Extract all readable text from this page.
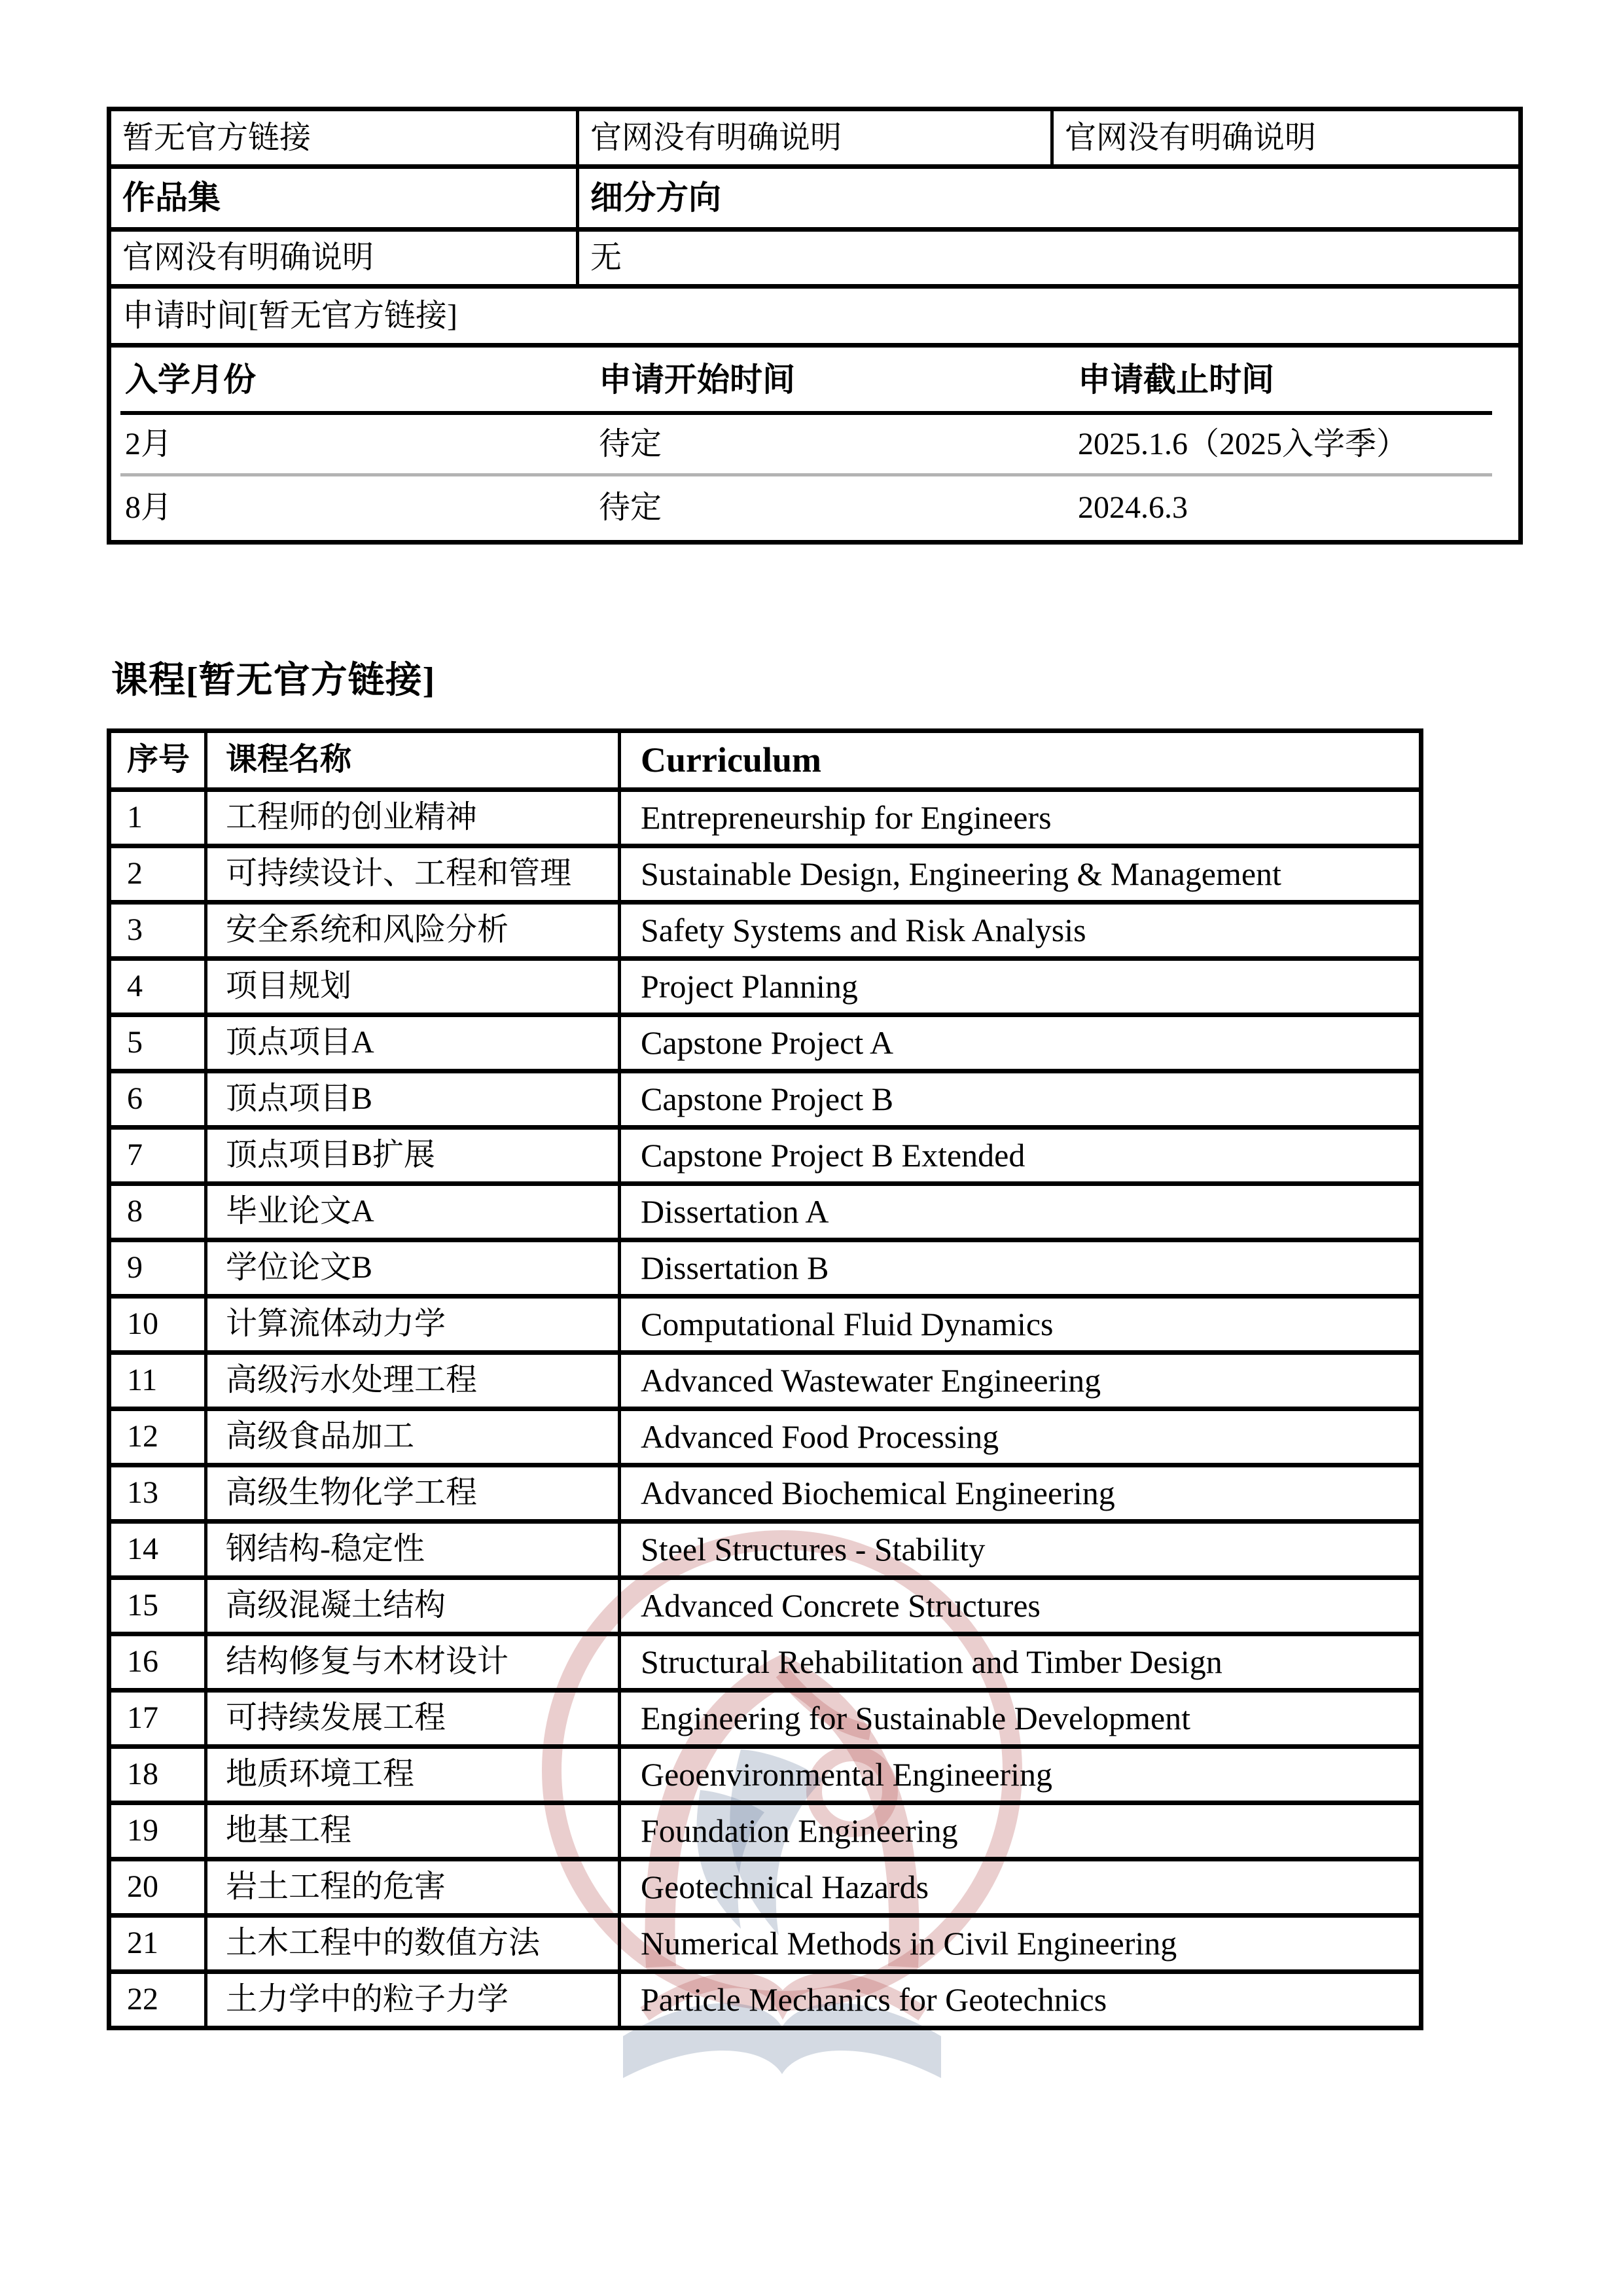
暂无官方链接	官网没有明确说明	官网没有明确说明
作品集	细分方向	
官网没有明确说明	无	
申请时间[暂无官方链接]		

入学月份	申请开始时间	申请截止时间
2月	待定	2025.1.6（2025入学季）
8月	待定	2024.6.3
课程[暂无官方链接]
序号	课程名称	Curriculum
1	工程师的创业精神	Entrepreneurship for Engineers
2	可持续设计、工程和管理	Sustainable Design, Engineering & Management
3	安全系统和风险分析	Safety Systems and Risk Analysis
4	项目规划	Project Planning
5	顶点项目A	Capstone Project A
6	顶点项目B	Capstone Project B
7	顶点项目B扩展	Capstone Project B Extended
8	毕业论文A	Dissertation A
9	学位论文B	Dissertation B
10	计算流体动力学	Computational Fluid Dynamics
11	高级污水处理工程	Advanced Wastewater Engineering
12	高级食品加工	Advanced Food Processing
13	高级生物化学工程	Advanced Biochemical Engineering
14	钢结构-稳定性	Steel Structures - Stability
15	高级混凝土结构	Advanced Concrete Structures
16	结构修复与木材设计	Structural Rehabilitation and Timber Design
17	可持续发展工程	Engineering for Sustainable Development
18	地质环境工程	Geoenvironmental Engineering
19	地基工程	Foundation Engineering
20	岩土工程的危害	Geotechnical Hazards
21	土木工程中的数值方法	Numerical Methods in Civil Engineering
22	土力学中的粒子力学	Particle Mechanics for Geotechnics
